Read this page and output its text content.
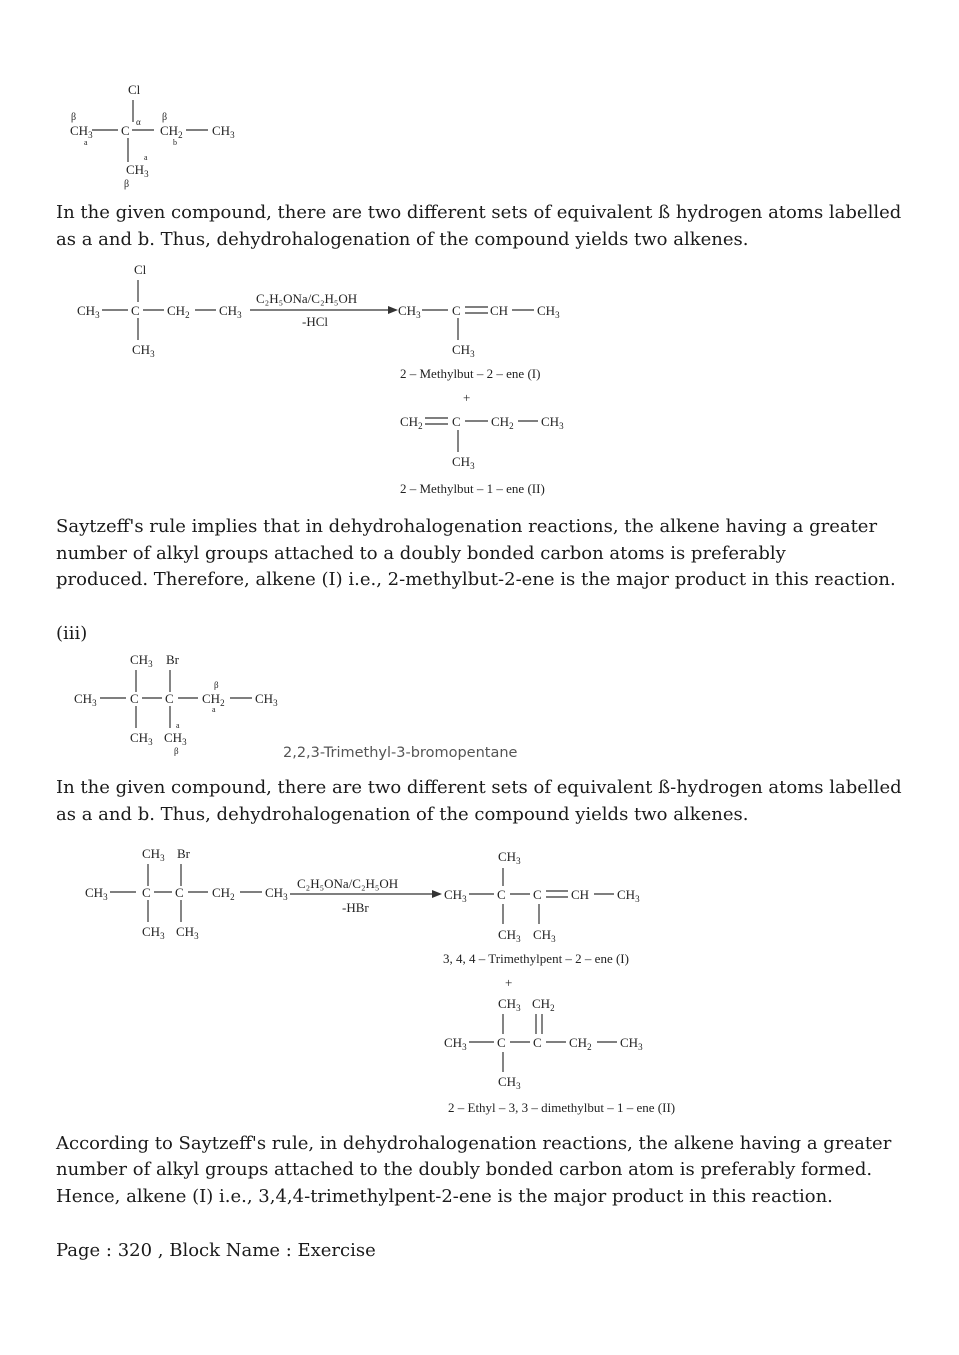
Cl
β
$CH_3$
a
C
α β
$CH_2$
b
$CH_3$
a
$CH_3$
β

In the given compound, there are two different sets of equivalent ß hydrogen atoms labelled as a and b. Thus, dehydrohalogenation of the compound yields two alkenes.

Cl
$CH_3$ C $CH_2$ $CH_3$
$CH_3$
C₂H₅ONa/C₂H₅OH
-HCl
$CH_3$ C CH $CH_3$
$CH_3$
2 – Methylbut – 2 – ene (I)
+
$CH_2$ C $CH_2$ $CH_3$
$CH_3$
2 – Methylbut – 1 – ene (II)

Saytzeff's rule implies that in dehydrohalogenation reactions, the alkene having a greater number of alkyl groups attached to a doubly bonded carbon atoms is preferably

produced. Therefore, alkene (I) i.e., 2-methylbut-2-ene is the major product in this reaction.

(iii)

$CH_3$ Br
$CH_3$	C C
β
$CH_2$
a
$CH_3$
a
$CH_3$ $CH_3$
β	2,2,3-Trimethyl-3-bromopentane

In the given compound, there are two different sets of equivalent ß-hydrogen atoms labelled as a and b. Thus, dehydrohalogenation of the compound yields two alkenes.

$CH_3$ Br
$CH_3$	C C $CH_2$ $CH_3$
$CH_3$ $CH_3$
C₂H₅ONa/C₂H₅OH
-HBr
$CH_3$
$CH_3$ C C CH $CH_3$
$CH_3$ $CH_3$
3, 4, 4 – Trimethylpent – 2 – ene (I)
+
$CH_3$ $CH_2$
$CH_3$ C C $CH_2$ $CH_3$
$CH_3$
2 – Ethyl – 3, 3 – dimethylbut – 1 – ene (II)

According to Saytzeff's rule, in dehydrohalogenation reactions, the alkene having a greater

number of alkyl groups attached to the doubly bonded carbon atom is preferably formed.

Hence, alkene (I) i.e., 3,4,4-trimethylpent-2-ene is the major product in this reaction.

Page : 320 , Block Name : Exercise
